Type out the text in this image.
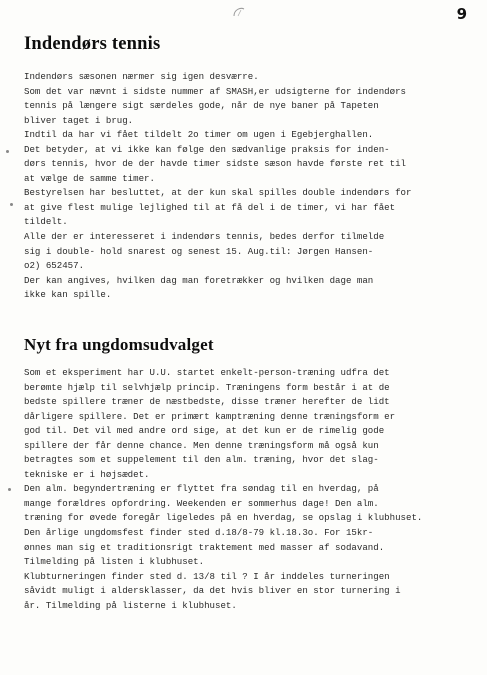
9
Indendørs tennis
Indendørs sæsonen nærmer sig igen desværre.
Som det var nævnt i sidste nummer af SMASH,er udsigterne for indendørs
tennis på længere sigt særdeles gode, når de nye baner på Tapeten
bliver taget i brug.
Indtil da har vi fået tildelt 2o timer om ugen i Egebjerghallen.
Det betyder, at vi ikke kan følge den sædvanlige praksis for inden-
dørs tennis, hvor de der havde timer sidste sæson havde første ret til
at vælge de samme timer.
Bestyrelsen har besluttet, at der kun skal spilles double indendørs for
at give flest mulige lejlighed til at få del i de timer, vi har fået
tildelt.
Alle der er interesseret i indendørs tennis, bedes derfor tilmelde
sig i double- hold snarest og senest 15. Aug.til: Jørgen Hansen-
o2) 652457.
Der kan angives, hvilken dag man foretrækker og hvilken dage man
ikke kan spille.
Nyt fra ungdomsudvalget
Som et eksperiment har U.U. startet enkelt-person-træning udfra det
berømte hjælp til selvhjælp princip. Træningens form består i at de
bedste spillere træner de næstbedste, disse træner herefter de lidt
dårligere spillere. Det er primært kamptræning denne træningsform er
god til. Det vil med andre ord sige, at det kun er de rimelig gode
spillere der får denne chance. Men denne træningsform må også kun
betragtes som et suppelement til den alm. træning, hvor det slag-
tekniske er i højsædet.
Den alm. begyndertræning er flyttet fra søndag til en hverdag, på
mange forældres opfordring. Weekenden er sommerhus dage! Den alm.
træning for øvede foregår ligeledes på en hverdag, se opslag i klubhuset.
Den årlige ungdomsfest finder sted d.18/8-79 kl.18.3o. For 15kr-
ønnes man sig et traditionsrigt traktement med masser af sodavand.
Tilmelding på listen i klubhuset.
Klubturneringen finder sted d. 13/8 til ? I år inddeles turneringen
såvidt muligt i aldersklasser, da det hvis bliver en stor turnering i
år. Tilmelding på listerne i klubhuset.
